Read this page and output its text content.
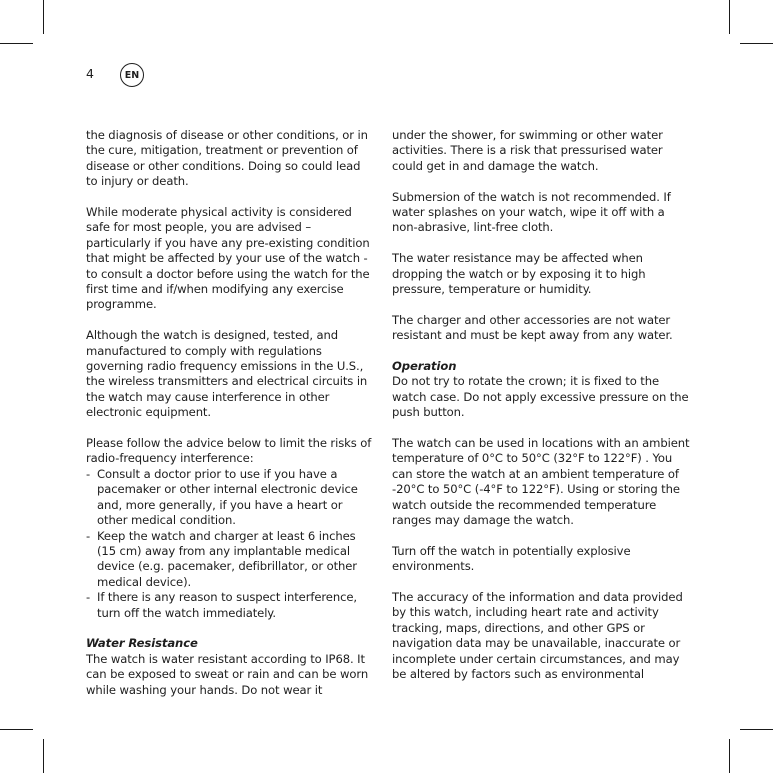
4	EN

the diagnosis of disease or other conditions, or in the cure, mitigation, treatment or prevention of disease or other conditions. Doing so could lead to injury or death.

While moderate physical activity is considered safe for most people, you are advised – particularly if you have any pre-existing condition that might be affected by your use of the watch - to consult a doctor before using the watch for the first time and if/when modifying any exercise programme.

Although the watch is designed, tested, and manufactured to comply with regulations governing radio frequency emissions in the U.S., the wireless transmitters and electrical circuits in the watch may cause interference in other electronic equipment.

Please follow the advice below to limit the risks of radio-frequency interference:

- Consult a doctor prior to use if you have a pacemaker or other internal electronic device and, more generally, if you have a heart or other medical condition.
- Keep the watch and charger at least 6 inches (15 cm) away from any implantable medical device (e.g. pacemaker, defibrillator, or other medical device).
- If there is any reason to suspect interference, turn off the watch immediately.

Water Resistance

The watch is water resistant according to IP68. It can be exposed to sweat or rain and can be worn while washing your hands. Do not wear it

under the shower, for swimming or other water activities. There is a risk that pressurised water could get in and damage the watch.

Submersion of the watch is not recommended. If water splashes on your watch, wipe it off with a non-abrasive, lint-free cloth.

The water resistance may be affected when dropping the watch or by exposing it to high pressure, temperature or humidity.

The charger and other accessories are not water resistant and must be kept away from any water.

Operation

Do not try to rotate the crown; it is fixed to the watch case. Do not apply excessive pressure on the push button.

The watch can be used in locations with an ambient temperature of 0°C to 50°C (32°F to 122°F) . You can store the watch at an ambient temperature of -20°C to 50°C (-4°F to 122°F). Using or storing the watch outside the recommended temperature ranges may damage the watch.

Turn off the watch in potentially explosive environments.

The accuracy of the information and data provided by this watch, including heart rate and activity tracking, maps, directions, and other GPS or navigation data may be unavailable, inaccurate or incomplete under certain circumstances, and may be altered by factors such as environmental
